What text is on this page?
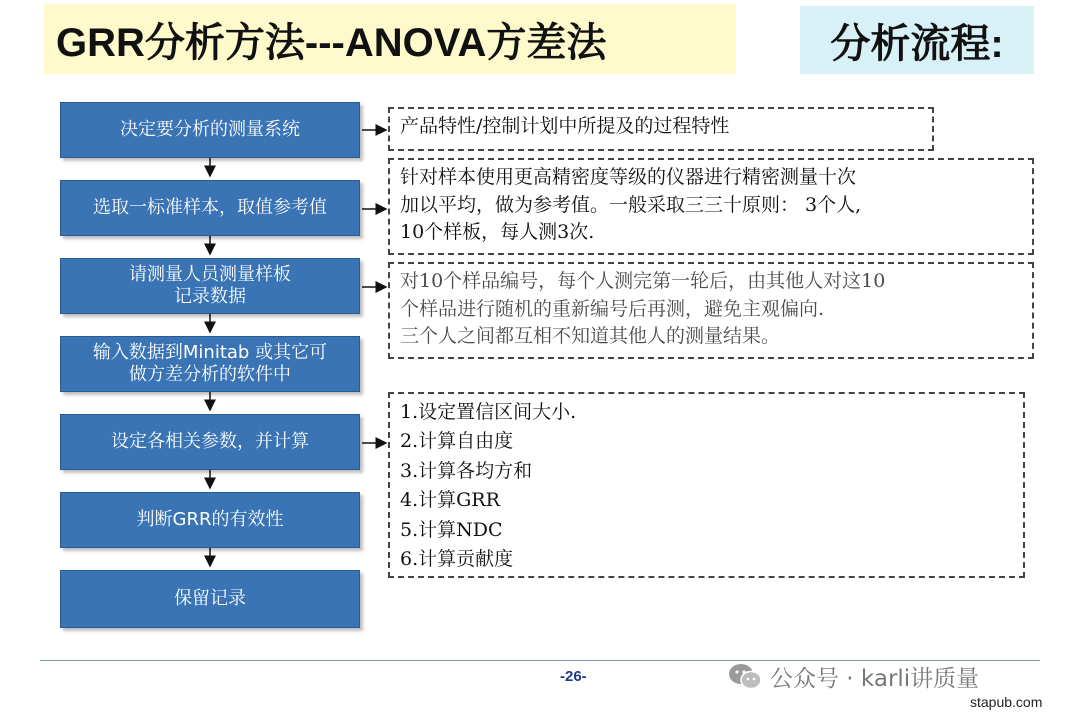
GRR分析方法---ANOVA方差法	分析流程:
决定要分析的测量系统
选取一标准样本，取值参考值
请测量人员测量样板
记录数据
输入数据到Minitab 或其它可
做方差分析的软件中
设定各相关参数，并计算
判断GRR的有效性
保留记录
产品特性/控制计划中所提及的过程特性
针对样本使用更高精密度等级的仪器进行精密测量十次
加以平均，做为参考值。一般采取三三十原则： 3个人,
10个样板，每人测3次.
对10个样品编号，每个人测完第一轮后，由其他人对这10
个样品进行随机的重新编号后再测，避免主观偏向.
三个人之间都互相不知道其他人的测量结果。
1.设定置信区间大小.
2.计算自由度
3.计算各均方和
4.计算GRR
5.计算NDC
6.计算贡献度
-26-	公众号 · karli讲质量
stapub.com
